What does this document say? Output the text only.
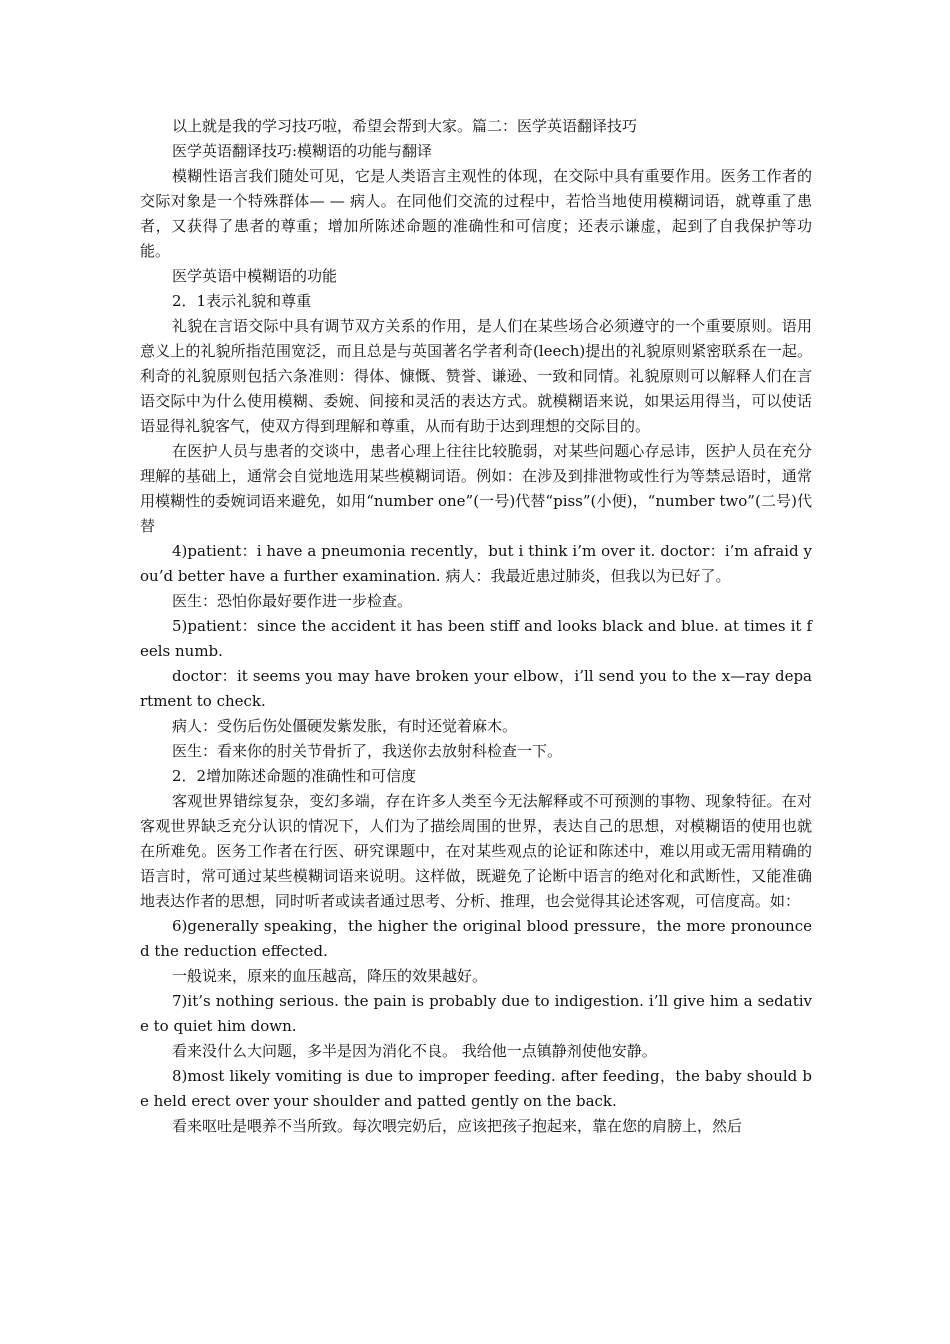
以上就是我的学习技巧啦，希望会帮到大家。篇二：医学英语翻译技巧

医学英语翻译技巧:模糊语的功能与翻译

模糊性语言我们随处可见，它是人类语言主观性的体现，在交际中具有重要作用。医务工作者的交际对象是一个特殊群体— — 病人。在同他们交流的过程中，若恰当地使用模糊词语，就尊重了患者，又获得了患者的尊重；增加所陈述命题的准确性和可信度；还表示谦虚，起到了自我保护等功能。

医学英语中模糊语的功能

2．1表示礼貌和尊重

礼貌在言语交际中具有调节双方关系的作用，是人们在某些场合必须遵守的一个重要原则。语用意义上的礼貌所指范围宽泛，而且总是与英国著名学者利奇(leech)提出的礼貌原则紧密联系在一起。利奇的礼貌原则包括六条准则：得体、慷慨、赞誉、谦逊、一致和同情。礼貌原则可以解释人们在言语交际中为什么使用模糊、委婉、间接和灵活的表达方式。就模糊语来说，如果运用得当，可以使话语显得礼貌客气，使双方得到理解和尊重，从而有助于达到理想的交际目的。

在医护人员与患者的交谈中，患者心理上往往比较脆弱，对某些问题心存忌讳，医护人员在充分理解的基础上，通常会自觉地选用某些模糊词语。例如：在涉及到排泄物或性行为等禁忌语时，通常用模糊性的委婉词语来避免，如用“number one”(一号)代替“piss”(小便)，“number two”(二号)代替

4)patient：i have a pneumonia recently，but i think i’m over it. doctor：i’m afraid you’d better have a further examination. 病人：我最近患过肺炎，但我以为已好了。

医生：恐怕你最好要作进一步检查。

5)patient：since the accident it has been stiff and looks black and blue. at times it feels numb.

doctor：it seems you may have broken your elbow，i’ll send you to the x—ray department to check.

病人：受伤后伤处僵硬发紫发胀，有时还觉着麻木。

医生：看来你的肘关节骨折了，我送你去放射科检查一下。

2．2增加陈述命题的准确性和可信度

客观世界错综复杂，变幻多端，存在许多人类至今无法解释或不可预测的事物、现象特征。在对客观世界缺乏充分认识的情况下，人们为了描绘周围的世界，表达自己的思想，对模糊语的使用也就在所难免。医务工作者在行医、研究课题中，在对某些观点的论证和陈述中，难以用或无需用精确的语言时，常可通过某些模糊词语来说明。这样做，既避免了论断中语言的绝对化和武断性，又能准确地表达作者的思想，同时听者或读者通过思考、分析、推理，也会觉得其论述客观，可信度高。如：

6)generally speaking，the higher the original blood pressure，the more pronounced the reduction effected.

一般说来，原来的血压越高，降压的效果越好。

7)it’s nothing serious. the pain is probably due to indigestion. i’ll give him a sedative to quiet him down.

看来没什么大问题，多半是因为消化不良。 我给他一点镇静剂使他安静。

8)most likely vomiting is due to improper feeding. after feeding，the baby should be held erect over your shoulder and patted gently on the back.

看来呕吐是喂养不当所致。每次喂完奶后，应该把孩子抱起来，靠在您的肩膀上，然后
